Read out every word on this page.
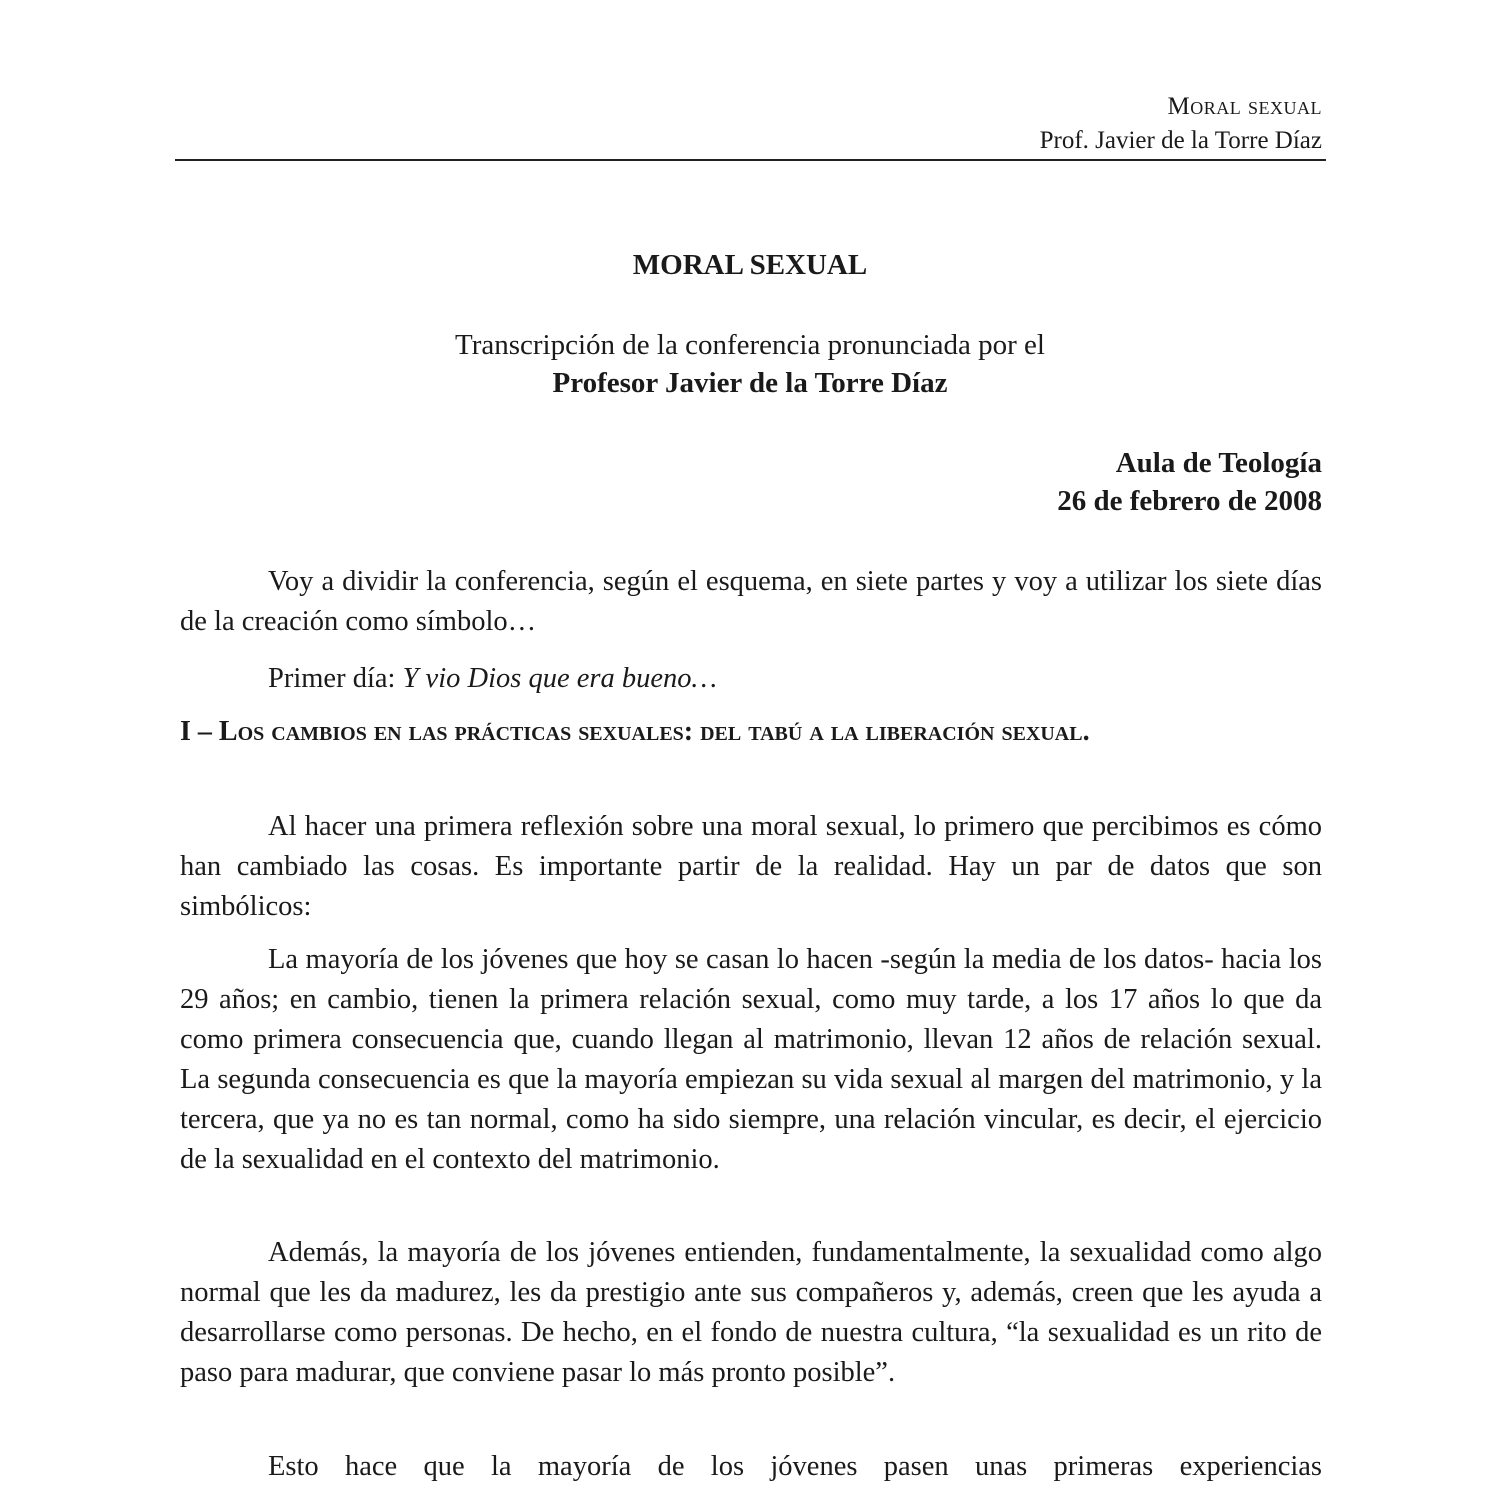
Moral sexual
Prof. Javier de la Torre Díaz
MORAL SEXUAL
Transcripción de la conferencia pronunciada por el
Profesor Javier de la Torre Díaz
Aula de Teología
26 de febrero de 2008
Voy a dividir la conferencia, según el esquema, en siete partes y voy a utilizar los siete días de la creación como símbolo…
Primer día: Y vio Dios que era bueno…
I – Los cambios en las prácticas sexuales: del tabú a la liberación sexual.
Al hacer una primera reflexión sobre una moral sexual, lo primero que percibimos es cómo han cambiado las cosas. Es importante partir de la realidad. Hay un par de datos que son simbólicos:
La mayoría de los jóvenes que hoy se casan lo hacen -según la media de los datos- hacia los 29 años; en cambio, tienen la primera relación sexual, como muy tarde, a los 17 años lo que da como primera consecuencia que, cuando llegan al matrimonio, llevan 12 años de relación sexual. La segunda consecuencia es que la mayoría empiezan su vida sexual al margen del matrimonio, y la tercera, que ya no es tan normal, como ha sido siempre, una relación vincular, es decir, el ejercicio de la sexualidad en el contexto del matrimonio.
Además, la mayoría de los jóvenes entienden, fundamentalmente, la sexualidad como algo normal que les da madurez, les da prestigio ante sus compañeros y, además, creen que les ayuda a desarrollarse como personas. De hecho, en el fondo de nuestra cultura, “la sexualidad es un rito de paso para madurar, que conviene pasar lo más pronto posible”.
Esto hace que la mayoría de los jóvenes pasen unas primeras experiencias
